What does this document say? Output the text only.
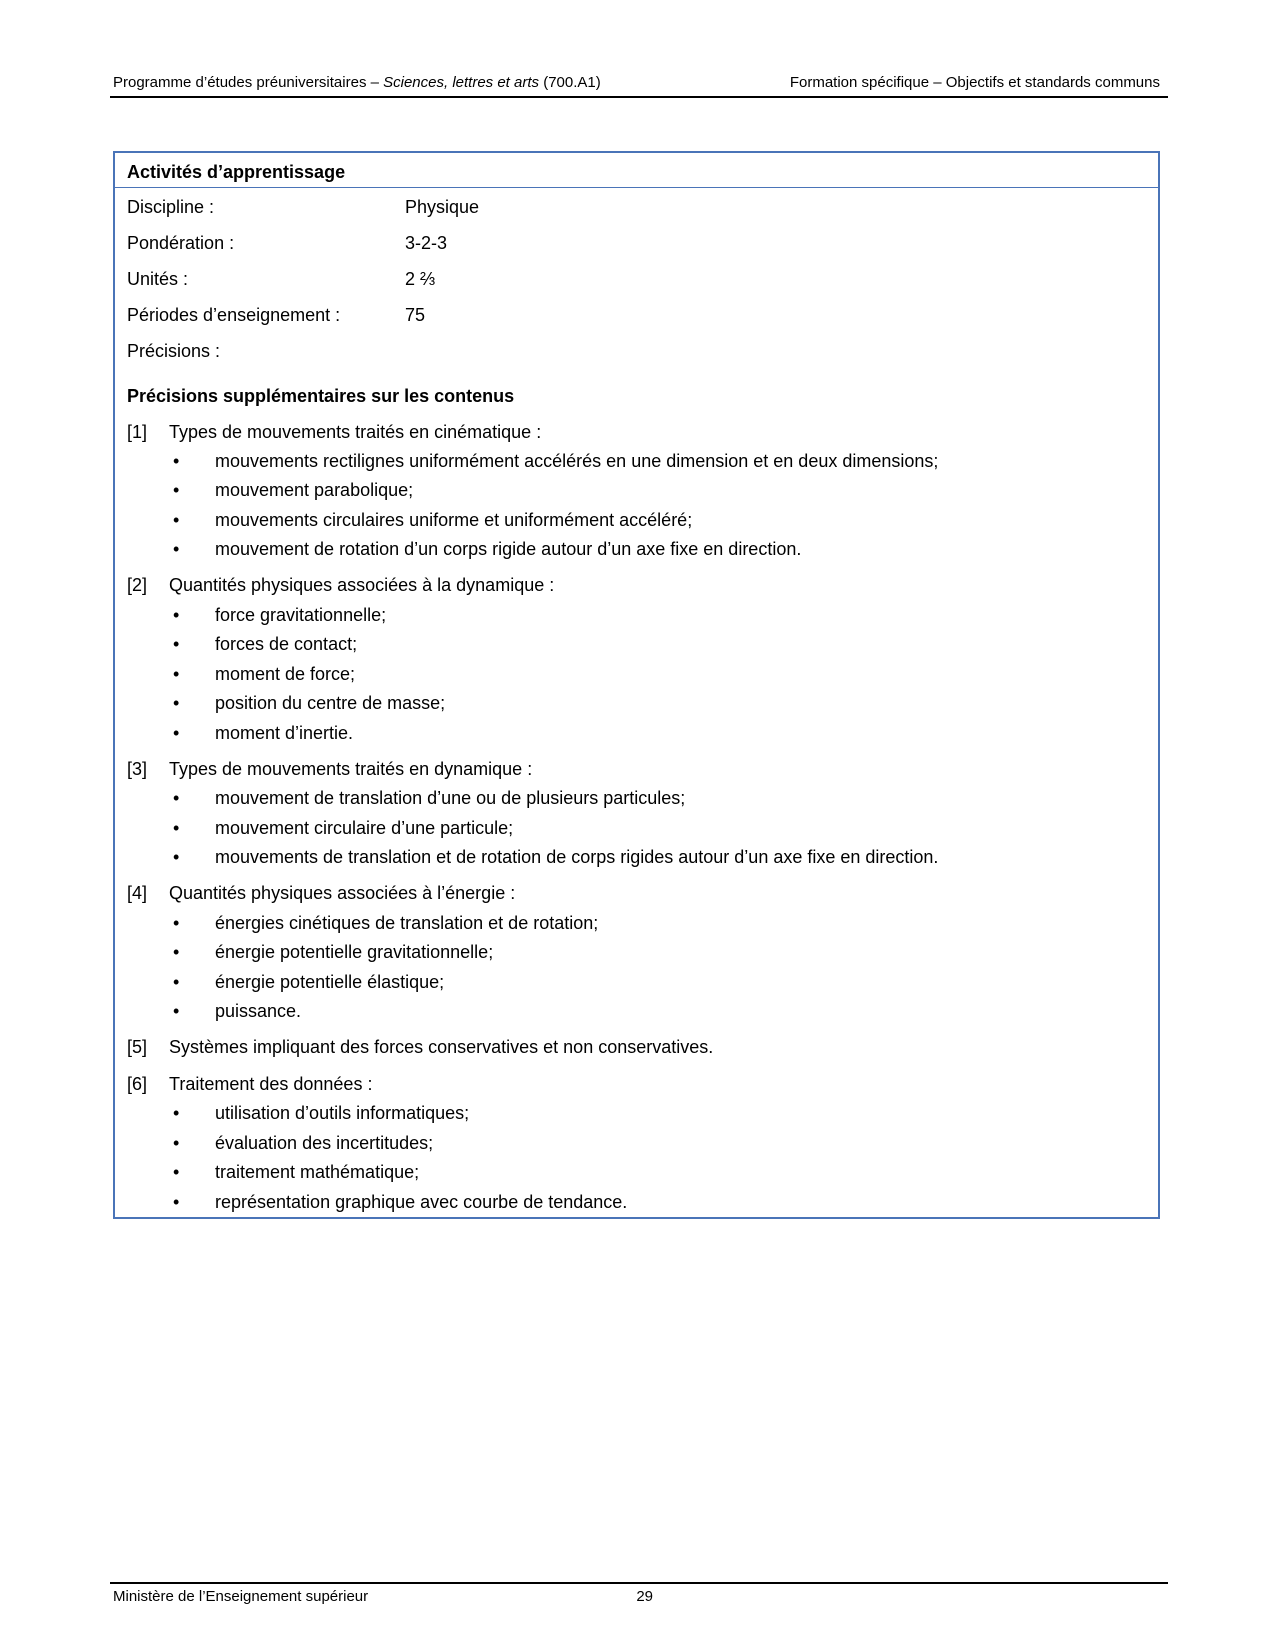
Programme d’études préuniversitaires – Sciences, lettres et arts (700.A1)	Formation spécifique – Objectifs et standards communs
Activités d’apprentissage
Discipline :	Physique
Pondération :	3-2-3
Unités :	2 ⅔
Périodes d’enseignement :	75
Précisions :
Précisions supplémentaires sur les contenus
[1] Types de mouvements traités en cinématique :
• mouvements rectilignes uniformément accélérés en une dimension et en deux dimensions;
• mouvement parabolique;
• mouvements circulaires uniforme et uniformément accéléré;
• mouvement de rotation d’un corps rigide autour d’un axe fixe en direction.
[2] Quantités physiques associées à la dynamique :
• force gravitationnelle;
• forces de contact;
• moment de force;
• position du centre de masse;
• moment d’inertie.
[3] Types de mouvements traités en dynamique :
• mouvement de translation d’une ou de plusieurs particules;
• mouvement circulaire d’une particule;
• mouvements de translation et de rotation de corps rigides autour d’un axe fixe en direction.
[4] Quantités physiques associées à l’énergie :
• énergies cinétiques de translation et de rotation;
• énergie potentielle gravitationnelle;
• énergie potentielle élastique;
• puissance.
[5] Systèmes impliquant des forces conservatives et non conservatives.
[6] Traitement des données :
• utilisation d’outils informatiques;
• évaluation des incertitudes;
• traitement mathématique;
• représentation graphique avec courbe de tendance.
Ministère de l’Enseignement supérieur	29
